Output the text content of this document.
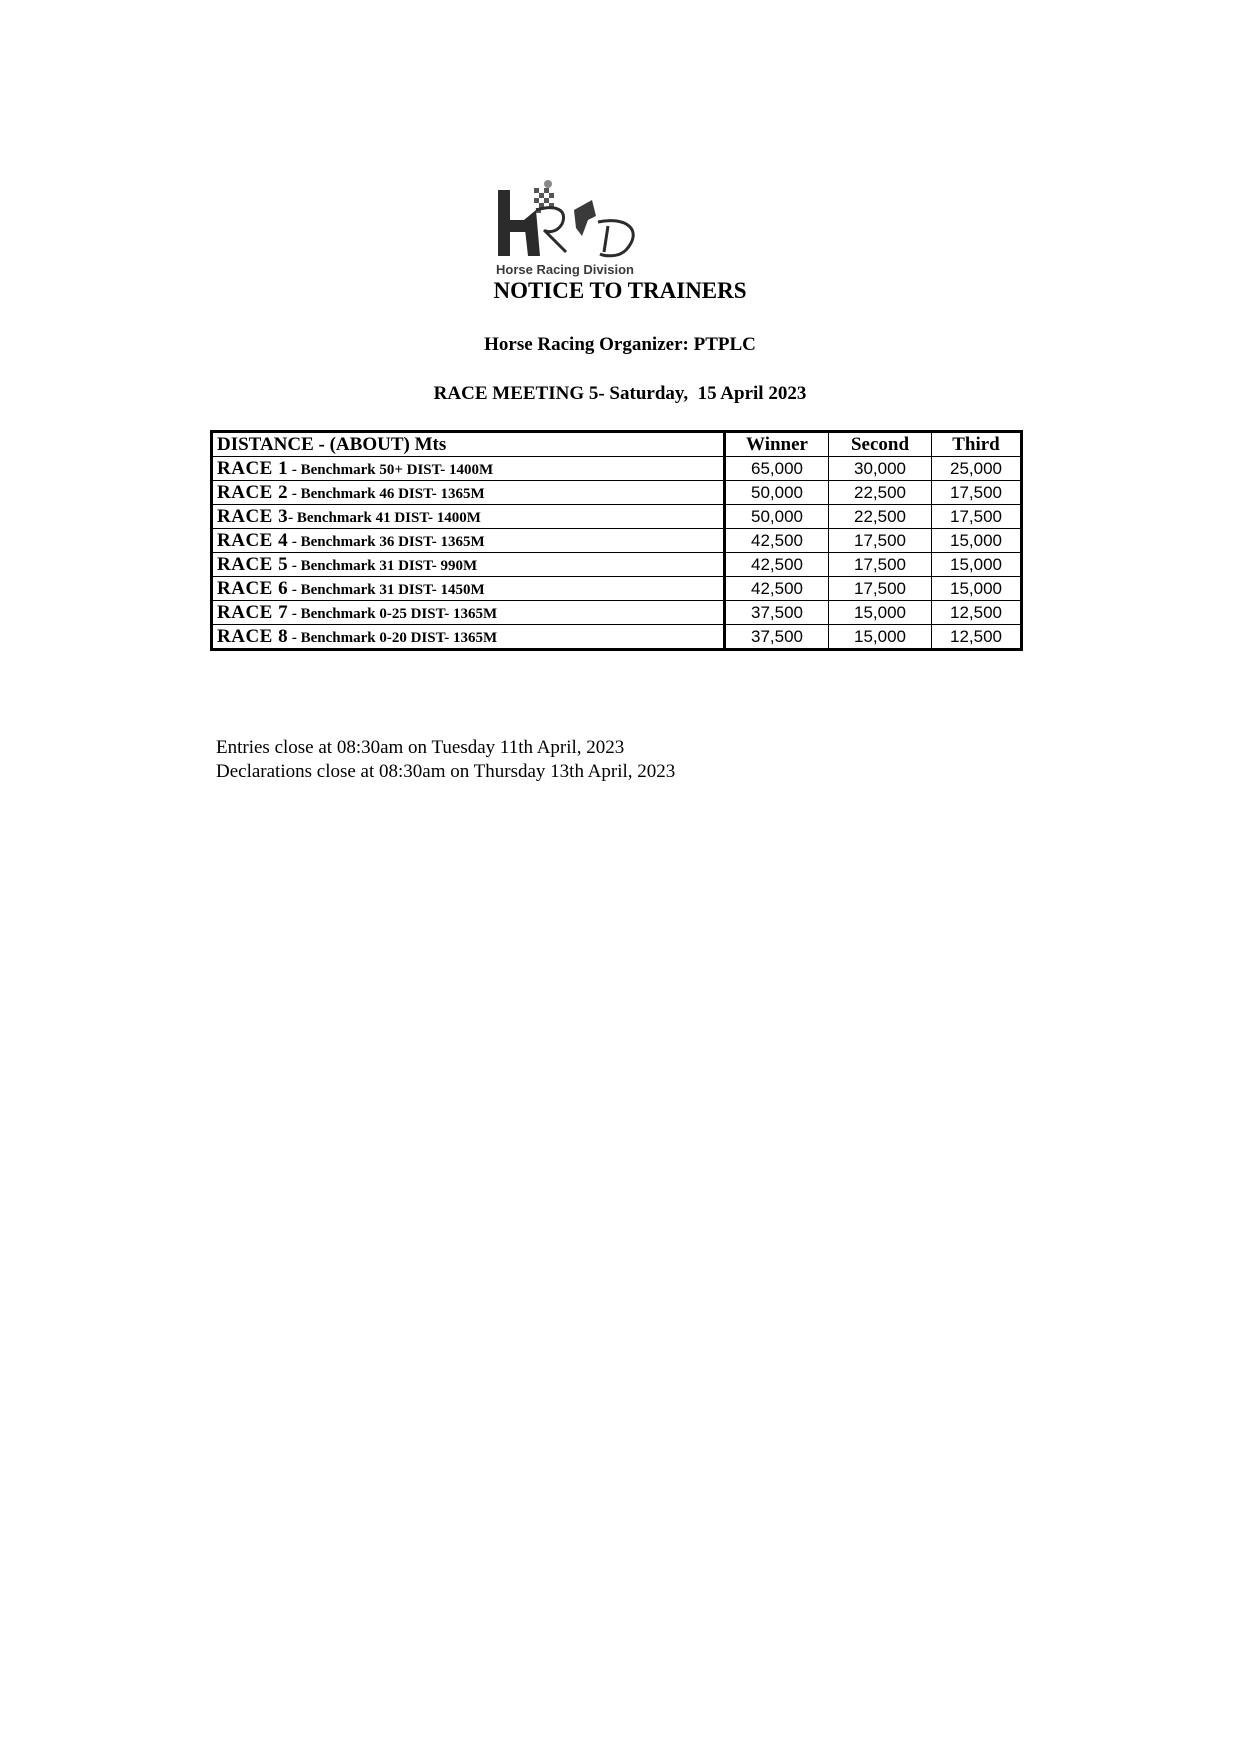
Horse Racing Division
NOTICE TO TRAINERS
Horse Racing Organizer: PTPLC
RACE MEETING 5- Saturday,  15 April 2023
DISTANCE - (ABOUT) Mts	Winner	Second	Third
RACE 1 - Benchmark 50+ DIST- 1400M	65,000	30,000	25,000
RACE 2 - Benchmark 46 DIST- 1365M	50,000	22,500	17,500
RACE 3- Benchmark 41 DIST- 1400M	50,000	22,500	17,500
RACE 4 - Benchmark 36 DIST- 1365M	42,500	17,500	15,000
RACE 5 - Benchmark 31 DIST- 990M	42,500	17,500	15,000
RACE 6 - Benchmark 31 DIST- 1450M	42,500	17,500	15,000
RACE 7 - Benchmark 0-25 DIST- 1365M	37,500	15,000	12,500
RACE 8 - Benchmark 0-20 DIST- 1365M	37,500	15,000	12,500
Entries close at 08:30am on Tuesday 11th April, 2023
Declarations close at 08:30am on Thursday 13th April, 2023
